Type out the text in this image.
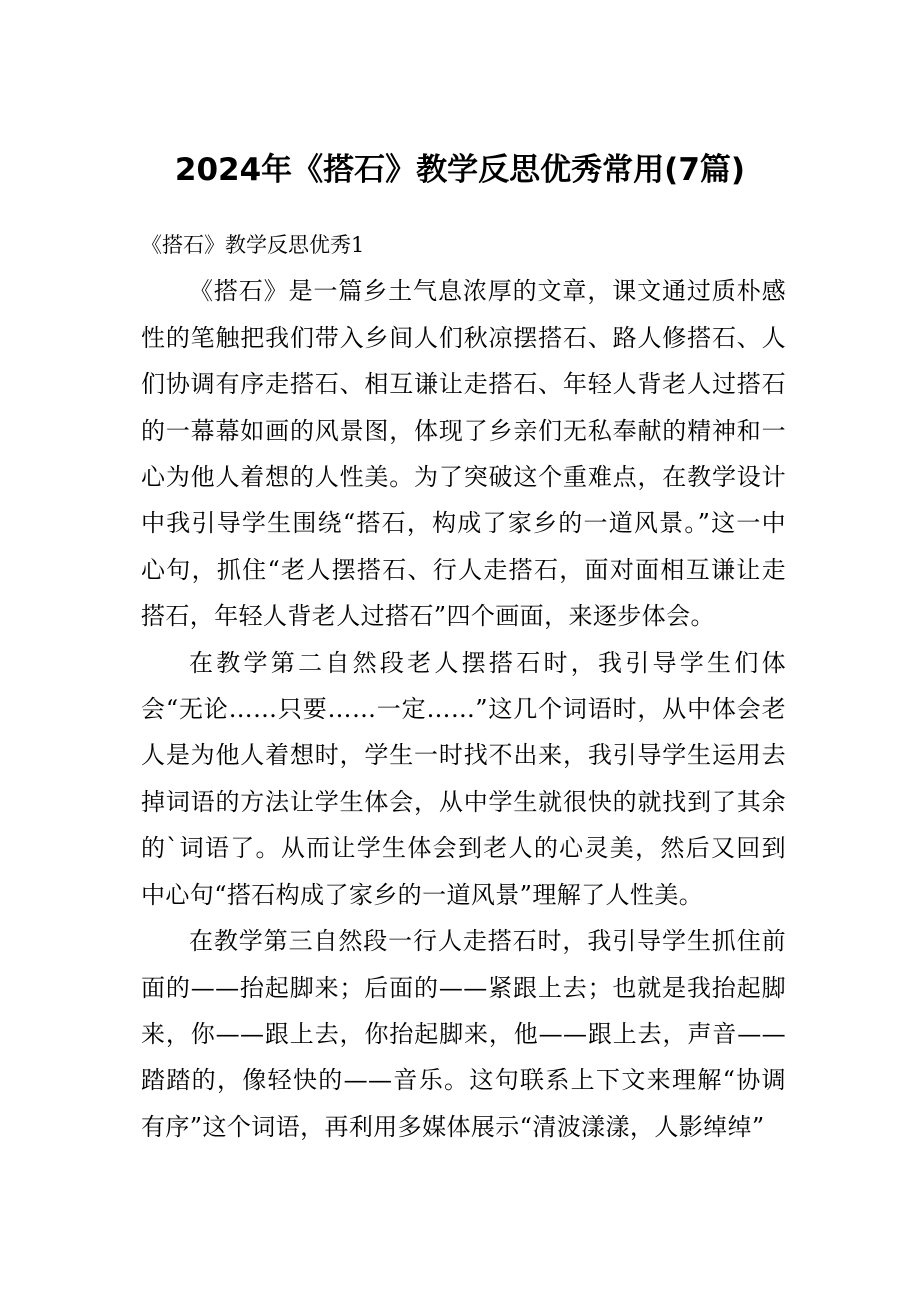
2024年《搭石》教学反思优秀常用(7篇)

《搭石》教学反思优秀1

《搭石》是一篇乡土气息浓厚的文章，课文通过质朴感性的笔触把我们带入乡间人们秋凉摆搭石、路人修搭石、人们协调有序走搭石、相互谦让走搭石、年轻人背老人过搭石的一幕幕如画的风景图，体现了乡亲们无私奉献的精神和一心为他人着想的人性美。为了突破这个重难点，在教学设计中我引导学生围绕“搭石，构成了家乡的一道风景。”这一中心句，抓住“老人摆搭石、行人走搭石，面对面相互谦让走搭石，年轻人背老人过搭石”四个画面，来逐步体会。

在教学第二自然段老人摆搭石时，我引导学生们体会“无论……只要……一定……”这几个词语时，从中体会老人是为他人着想时，学生一时找不出来，我引导学生运用去掉词语的方法让学生体会，从中学生就很快的就找到了其余的`词语了。从而让学生体会到老人的心灵美，然后又回到中心句“搭石构成了家乡的一道风景”理解了人性美。

在教学第三自然段一行人走搭石时，我引导学生抓住前面的——抬起脚来；后面的——紧跟上去；也就是我抬起脚来，你——跟上去，你抬起脚来，他——跟上去，声音——踏踏的，像轻快的——音乐。这句联系上下文来理解“协调有序”这个词语，再利用多媒体展示“清波漾漾，人影绰绰”
